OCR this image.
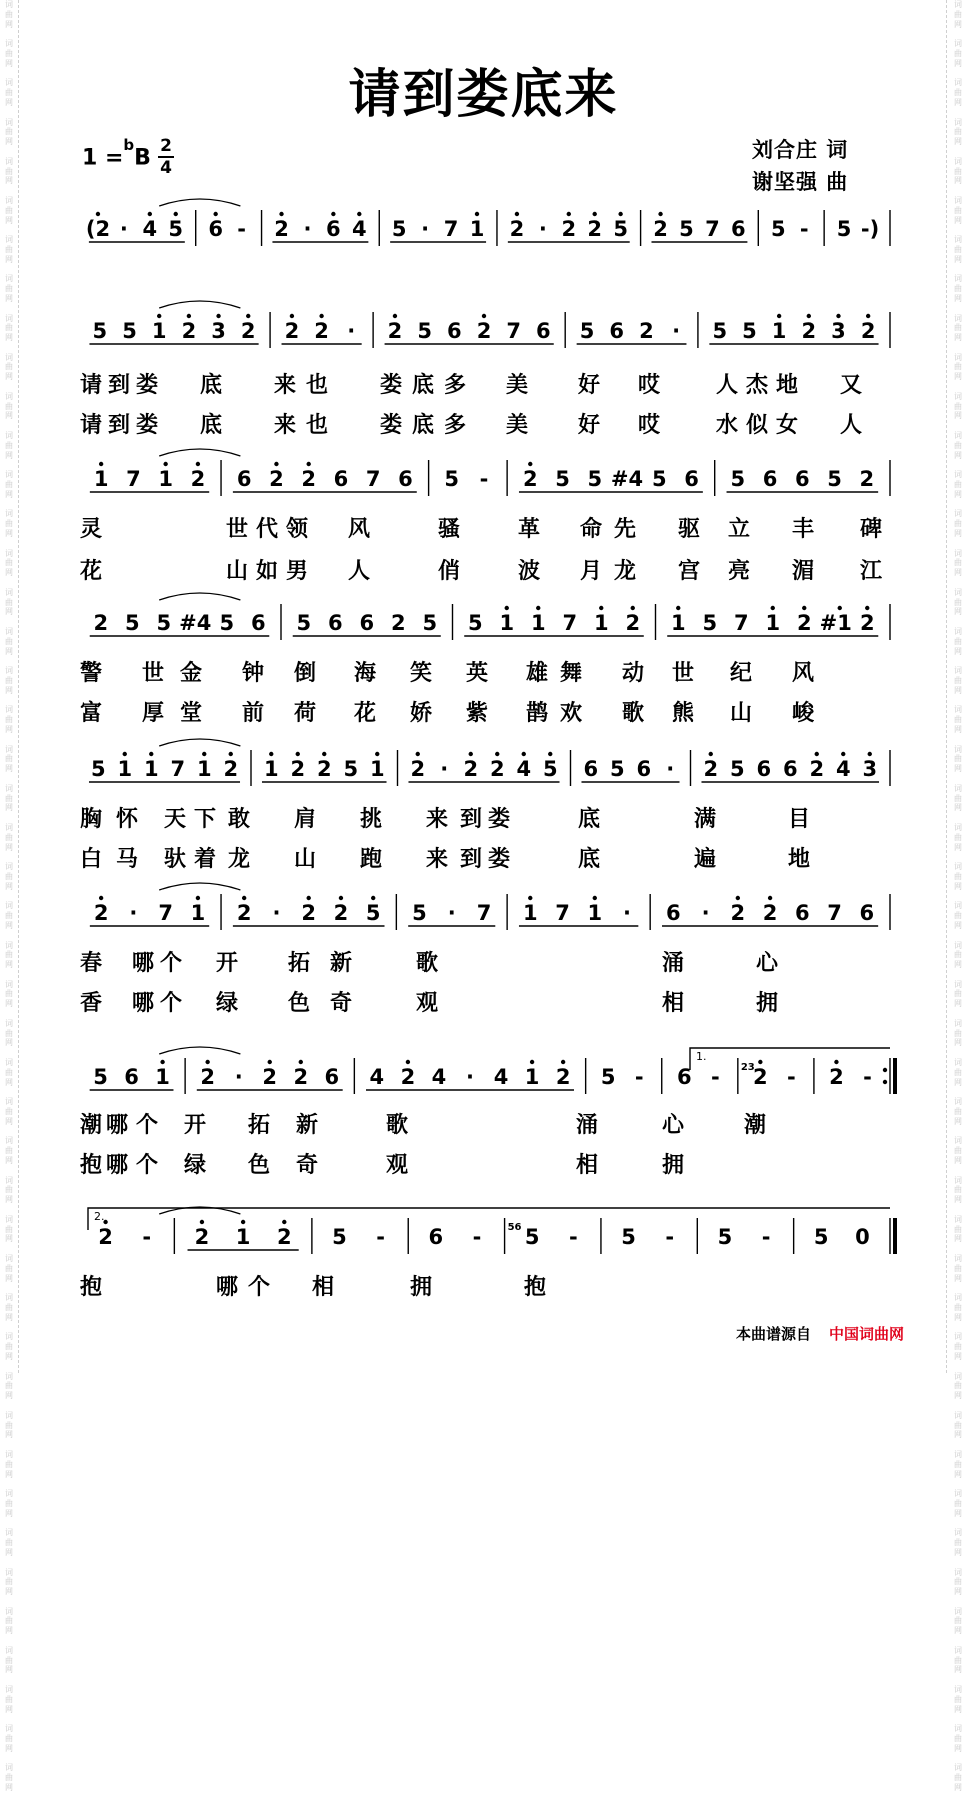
词
曲
网

词
曲
网

词
曲
网

词
曲
网

词
曲
网

词
曲
网

词
曲
网

词
曲
网

词
曲
网

词
曲
网

词
曲
网

词
曲
网

词
曲
网

词
曲
网

词
曲
网

词
曲
网

词
曲
网

词
曲
网

词
曲
网

词
曲
网

词
曲
网

词
曲
网

词
曲
网

词
曲
网

词
曲
网

词
曲
网

词
曲
网

词
曲
网

词
曲
网

词
曲
网

词
曲
网

词
曲
网

词
曲
网

词
曲
网

词
曲
网

词
曲
网

词
曲
网

词
曲
网

词
曲
网

词
曲
网

词
曲
网

词
曲
网

词
曲
网

词
曲
网

词
曲
网

词
曲
网

词
曲
网

词
曲
网

词
曲
网

词
曲
网

词
曲
网

词
曲
网

词
曲
网

词
曲
网

词
曲
网

词
曲
网

词
曲
网

词
曲
网

词
曲
网

词
曲
网

词
曲
网

词
曲
网

词
曲
网

词
曲
网

词
曲
网

词
曲
网

词
曲
网

词
曲
网

词
曲
网

词
曲
网

词
曲
网

词
曲
网

词
曲
网

词
曲
网

词
曲
网

词
曲
网

词
曲
网

词
曲
网

词
曲
网

词
曲
网

词
曲
网

词
曲
网

词
曲
网

词
曲
网

词
曲
网

词
曲
网

词
曲
网

词
曲
网

词
曲
网

词
曲
网

词
曲
网

词
曲
网

请到娄底来
1 =$^b$B 2
4
刘合庄 词
谢坚强 曲
(2 · 4 5 6 - 2 · 6 4 5 · 7 1 2 · 2 2 5 2 5 7 6 5 - 5 -)
5 5 1 2 3 2 2 2 · 2 5 6 2 7 6 5 6 2 · 5 5 1 2 3 2
1 7 1 2 6 2 2 6 7 6 5 - 2 5 5 #4 5 6 5 6 6 5 2
2 5 5 #4 5 6 5 6 6 2 5 5 1 1 7 1 2 1 5 7 1 2 #1 2
5 1 1 7 1 2 1 2 2 5 1 2 · 2 2 4 5 6 5 6 · 2 5 6 6 2 4 3
2 · 7 1 2 · 2 2 5 5 · 7 1 7 1 · 6 · 2 2 6 7 6
5 6 1 2 · 2 2 6 4 2 4 · 4 1 2 5 - 6 - 23
2 - 2 -
1.
2 - 2 1 2 5 - 6 -	56 5 - 5 - 5 - 5 0
2.
本曲谱源自 中国词曲网
请 到 娄 底 来 也 娄 底 多 美 好 哎 人 杰 地 又
请 到 娄 底 来 也 娄 底 多 美 好 哎 水 似 女 人
灵	世 代 领 风	骚	革 命 先 驱 立 丰 碑
花	山 如 男 人	俏	波 月 龙 宫 亮 湄 江
警 世 金 钟 倒 海 笑 英 雄 舞 动 世 纪 风
富 厚 堂 前 荷 花 娇 紫 鹊 欢 歌 熊 山 峻
胸 怀 天 下 敢 肩 挑 来 到 娄	底	满	目
白 马 驮 着 龙 山 跑 来 到 娄	底	遍	地
春 哪 个 开 拓 新	歌	涌	心
香 哪 个 绿 色 奇	观	相	拥
潮 哪 个 开 拓 新	歌	涌	心	潮
抱 哪 个 绿 色 奇	观	相	拥
抱	哪 个 相	拥	抱
